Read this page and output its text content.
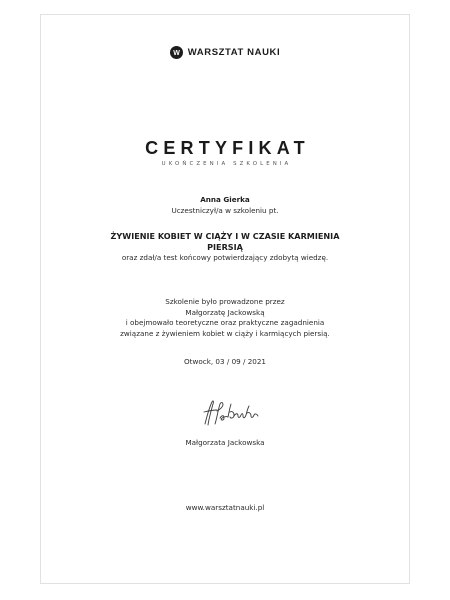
W WARSZTAT NAUKI
CERTYFIKAT
UKOŃCZENIA SZKOLENIA
Anna Gierka
Uczestniczył/a w szkoleniu pt.
ŻYWIENIE KOBIET W CIĄŻY I W CZASIE KARMIENIA
PIERSIĄ
oraz zdał/a test końcowy potwierdzający zdobytą wiedzę.
Szkolenie było prowadzone przez
Małgorzatę Jackowską
i obejmowało teoretyczne oraz praktyczne zagadnienia
związane z żywieniem kobiet w ciąży i karmiących piersią.
Otwock, 03 / 09 / 2021
Małgorzata Jackowska
www.warsztatnauki.pl
